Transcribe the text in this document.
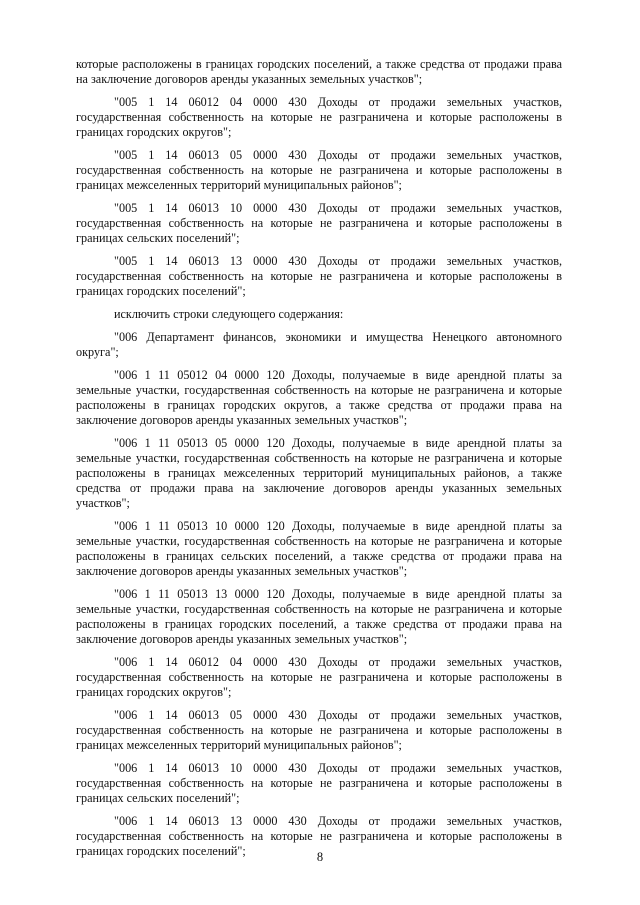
которые расположены в границах городских поселений, а также средства от продажи права на заключение договоров аренды указанных земельных участков";

"005 1 14 06012 04 0000 430 Доходы от продажи земельных участков, государственная собственность на которые не разграничена и которые расположены в границах городских округов";

"005 1 14 06013 05 0000 430 Доходы от продажи земельных участков, государственная собственность на которые не разграничена и которые расположены в границах межселенных территорий муниципальных районов";

"005 1 14 06013 10 0000 430 Доходы от продажи земельных участков, государственная собственность на которые не разграничена и которые расположены в границах сельских поселений";

"005 1 14 06013 13 0000 430 Доходы от продажи земельных участков, государственная собственность на которые не разграничена и которые расположены в границах городских поселений";

исключить строки следующего содержания:

"006 Департамент финансов, экономики и имущества Ненецкого автономного округа";

"006 1 11 05012 04 0000 120 Доходы, получаемые в виде арендной платы за земельные участки, государственная собственность на которые не разграничена и которые расположены в границах городских округов, а также средства от продажи права на заключение договоров аренды указанных земельных участков";

"006 1 11 05013 05 0000 120 Доходы, получаемые в виде арендной платы за земельные участки, государственная собственность на которые не разграничена и которые расположены в границах межселенных территорий муниципальных районов, а также средства от продажи права на заключение договоров аренды указанных земельных участков";

"006 1 11 05013 10 0000 120 Доходы, получаемые в виде арендной платы за земельные участки, государственная собственность на которые не разграничена и которые расположены в границах сельских поселений, а также средства от продажи права на заключение договоров аренды указанных земельных участков";

"006 1 11 05013 13 0000 120 Доходы, получаемые в виде арендной платы за земельные участки, государственная собственность на которые не разграничена и которые расположены в границах городских поселений, а также средства от продажи права на заключение договоров аренды указанных земельных участков";

"006 1 14 06012 04 0000 430 Доходы от продажи земельных участков, государственная собственность на которые не разграничена и которые расположены в границах городских округов";

"006 1 14 06013 05 0000 430 Доходы от продажи земельных участков, государственная собственность на которые не разграничена и которые расположены в границах межселенных территорий муниципальных районов";

"006 1 14 06013 10 0000 430 Доходы от продажи земельных участков, государственная собственность на которые не разграничена и которые расположены в границах сельских поселений";

"006 1 14 06013 13 0000 430 Доходы от продажи земельных участков, государственная собственность на которые не разграничена и которые расположены в границах городских поселений";	8
